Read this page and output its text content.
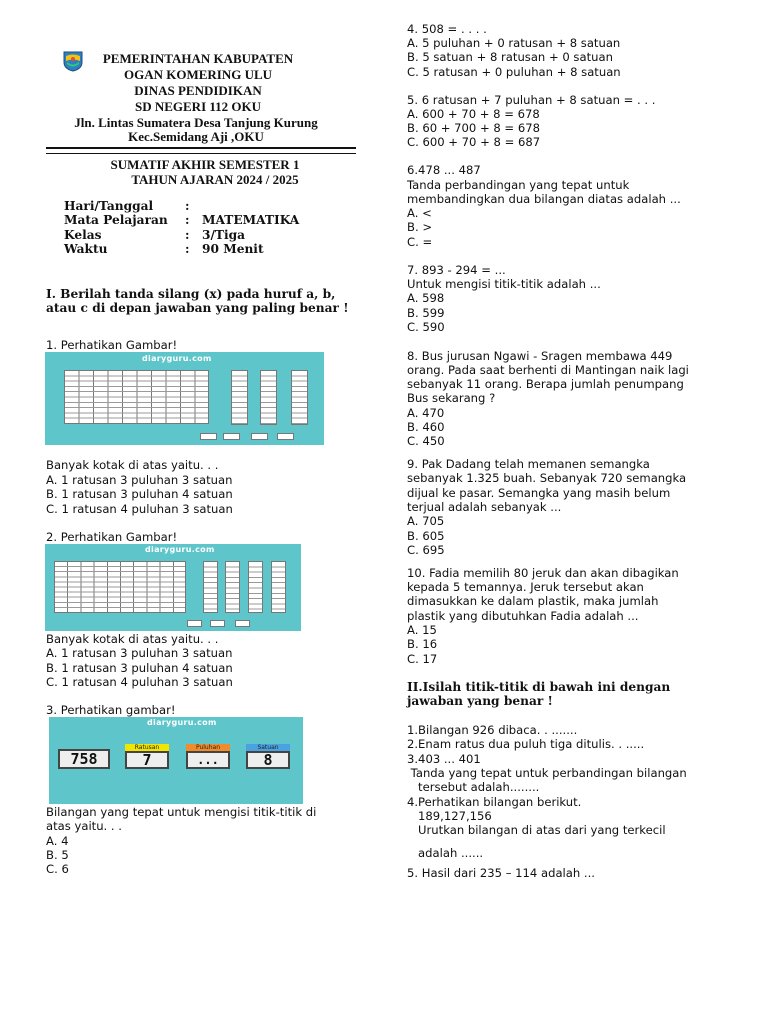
PEMERINTAHAN KABUPATEN
OGAN KOMERING ULU
DINAS PENDIDIKAN
SD NEGERI 112 OKU
Jln. Lintas Sumatera Desa Tanjung Kurung
Kec.Semidang Aji ,OKU
SUMATIF AKHIR SEMESTER 1
TAHUN AJARAN 2024 / 2025
Hari/Tanggal	:
Mata Pelajaran : MATEMATIKA
Kelas	: 3/Tiga
Waktu	: 90 Menit
I. Berilah tanda silang (x) pada huruf a, b,
atau c di depan jawaban yang paling benar !
1. Perhatikan Gambar!
diaryguru.com
Banyak kotak di atas yaitu. . .
A. 1 ratusan 3 puluhan 3 satuan
B. 1 ratusan 3 puluhan 4 satuan
C. 1 ratusan 4 puluhan 3 satuan
2. Perhatikan Gambar!
diaryguru.com
Banyak kotak di atas yaitu. . .
A. 1 ratusan 3 puluhan 3 satuan
B. 1 ratusan 3 puluhan 4 satuan
C. 1 ratusan 4 puluhan 3 satuan
3. Perhatikan gambar!
diaryguru.com
758
Ratusan
7
Puluhan
...
Satuan
8
Bilangan yang tepat untuk mengisi titik-titik di
atas yaitu. . .
A. 4
B. 5
C. 6
4. 508 = . . . .
A. 5 puluhan + 0 ratusan + 8 satuan
B. 5 satuan + 8 ratusan + 0 satuan
C. 5 ratusan + 0 puluhan + 8 satuan
5. 6 ratusan + 7 puluhan + 8 satuan = . . .
A. 600 + 70 + 8 = 678
B. 60 + 700 + 8 = 678
C. 600 + 70 + 8 = 687
6.478 ... 487
Tanda perbandingan yang tepat untuk
membandingkan dua bilangan diatas adalah ...
A. <
B. >
C. =
7. 893 - 294 = ...
Untuk mengisi titik-titik adalah ...
A. 598
B. 599
C. 590
8. Bus jurusan Ngawi - Sragen membawa 449
orang. Pada saat berhenti di Mantingan naik lagi
sebanyak 11 orang. Berapa jumlah penumpang
Bus sekarang ?
A. 470
B. 460
C. 450
9. Pak Dadang telah memanen semangka
sebanyak 1.325 buah. Sebanyak 720 semangka
dijual ke pasar. Semangka yang masih belum
terjual adalah sebanyak ...
A. 705
B. 605
C. 695
10. Fadia memilih 80 jeruk dan akan dibagikan
kepada 5 temannya. Jeruk tersebut akan
dimasukkan ke dalam plastik, maka jumlah
plastik yang dibutuhkan Fadia adalah ...
A. 15
B. 16
C. 17
II.Isilah titik-titik di bawah ini dengan
jawaban yang benar !
1.Bilangan 926 dibaca. . .......
2.Enam ratus dua puluh tiga ditulis. . .....
3.403 ... 401
Tanda yang tepat untuk perbandingan bilangan
tersebut adalah........
4.Perhatikan bilangan berikut.
189,127,156
Urutkan bilangan di atas dari yang terkecil
adalah ......
5. Hasil dari 235 – 114 adalah ...
